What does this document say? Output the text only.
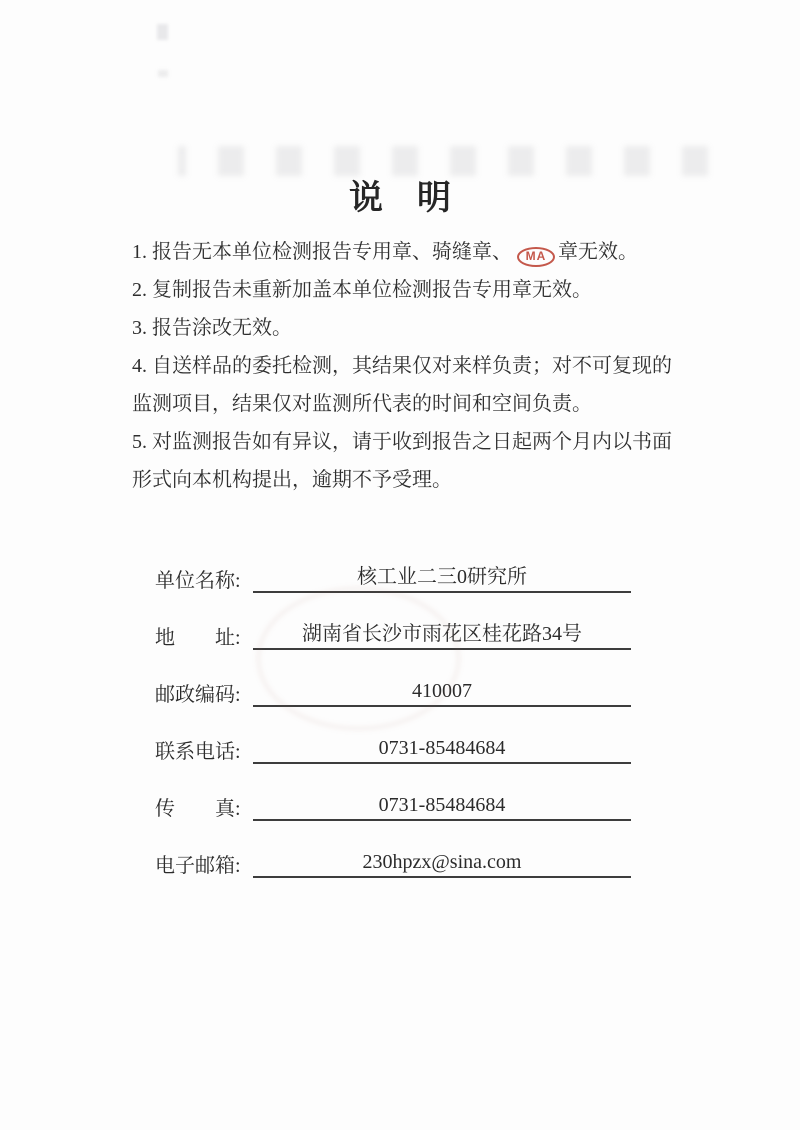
说　明

1. 报告无本单位检测报告专用章、骑缝章、 MA 章无效。

2. 复制报告未重新加盖本单位检测报告专用章无效。

3. 报告涂改无效。

4. 自送样品的委托检测，其结果仅对来样负责；对不可复现的监测项目，结果仅对监测所代表的时间和空间负责。

5. 对监测报告如有异议，请于收到报告之日起两个月内以书面形式向本机构提出，逾期不予受理。

单位名称:	核工业二三0研究所
地　　址:	湖南省长沙市雨花区桂花路34号
邮政编码:	410007
联系电话:	0731-85484684
传　　真:	0731-85484684
电子邮箱:	230hpzx@sina.com
